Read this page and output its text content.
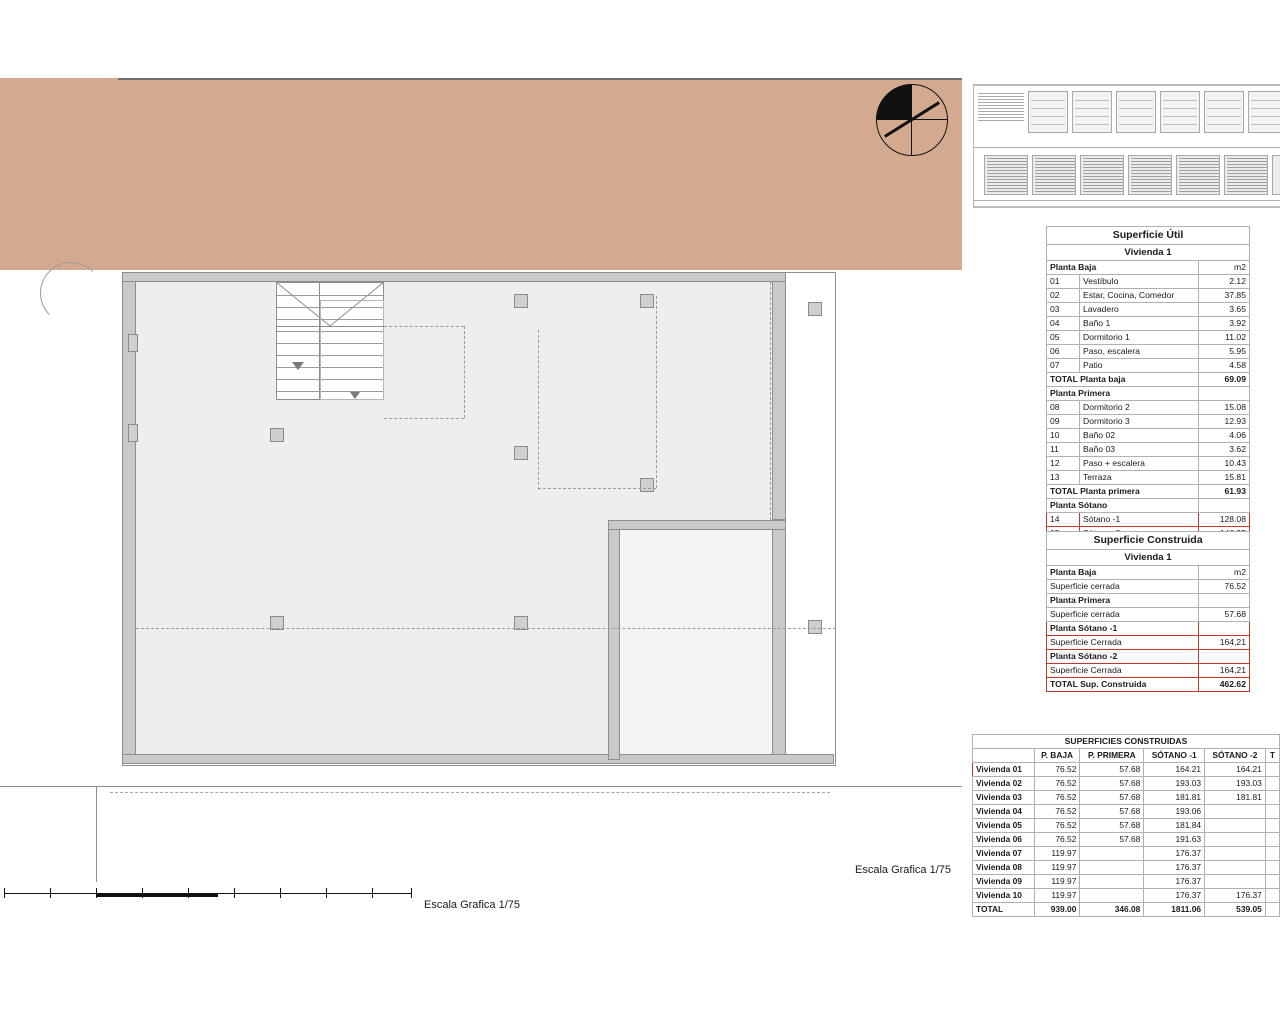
Escala Grafica 1/75
Escala Grafica 1/75
Superficie Útil		
Vivienda 1		
Planta Baja		m2
01	Vestíbulo	2.12
02	Estar, Cocina, Comedor	37.85
03	Lavadero	3.65
04	Baño 1	3.92
05	Dormitorio 1	11.02
06	Paso, escalera	5.95
07	Patio	4.58
TOTAL Planta baja		69.09
Planta Primera		
08	Dormitorio 2	15.08
09	Dormitorio 3	12.93
10	Baño 02	4.06
11	Baño 03	3.62
12	Paso + escalera	10.43
13	Terraza	15.81
TOTAL Planta primera		61.93
Planta Sótano		
14	Sótano -1	128.08

Superficie Construida	
Vivienda 1	
Planta Baja	m2
Superficie cerrada	76.52
Planta Primera	
Superficie cerrada	57.68
Planta Sótano -1	
Superficie Cerrada	164,21
Planta Sótano -2	
Superficie Cerrada	164,21
TOTAL Sup. Construida	462.62
SUPERFICIES CONSTRUIDAS					
	P. BAJA	P. PRIMERA	SÓTANO -1	SÓTANO -2	T
Vivienda 01	76.52	57.68	164.21	164.21	
Vivienda 02	76.52	57.68	193.03	193.03	
Vivienda 03	76.52	57.68	181.81	181.81	
Vivienda 04	76.52	57.68	193.06		
Vivienda 05	76.52	57.68	181.84		
Vivienda 06	76.52	57.68	191.63		
Vivienda 07	119.97		176.37		
Vivienda 08	119.97		176.37		
Vivienda 09	119.97		176.37		
Vivienda 10	119.97		176.37	176.37	
TOTAL	939.00	346.08	1811.06	539.05	
